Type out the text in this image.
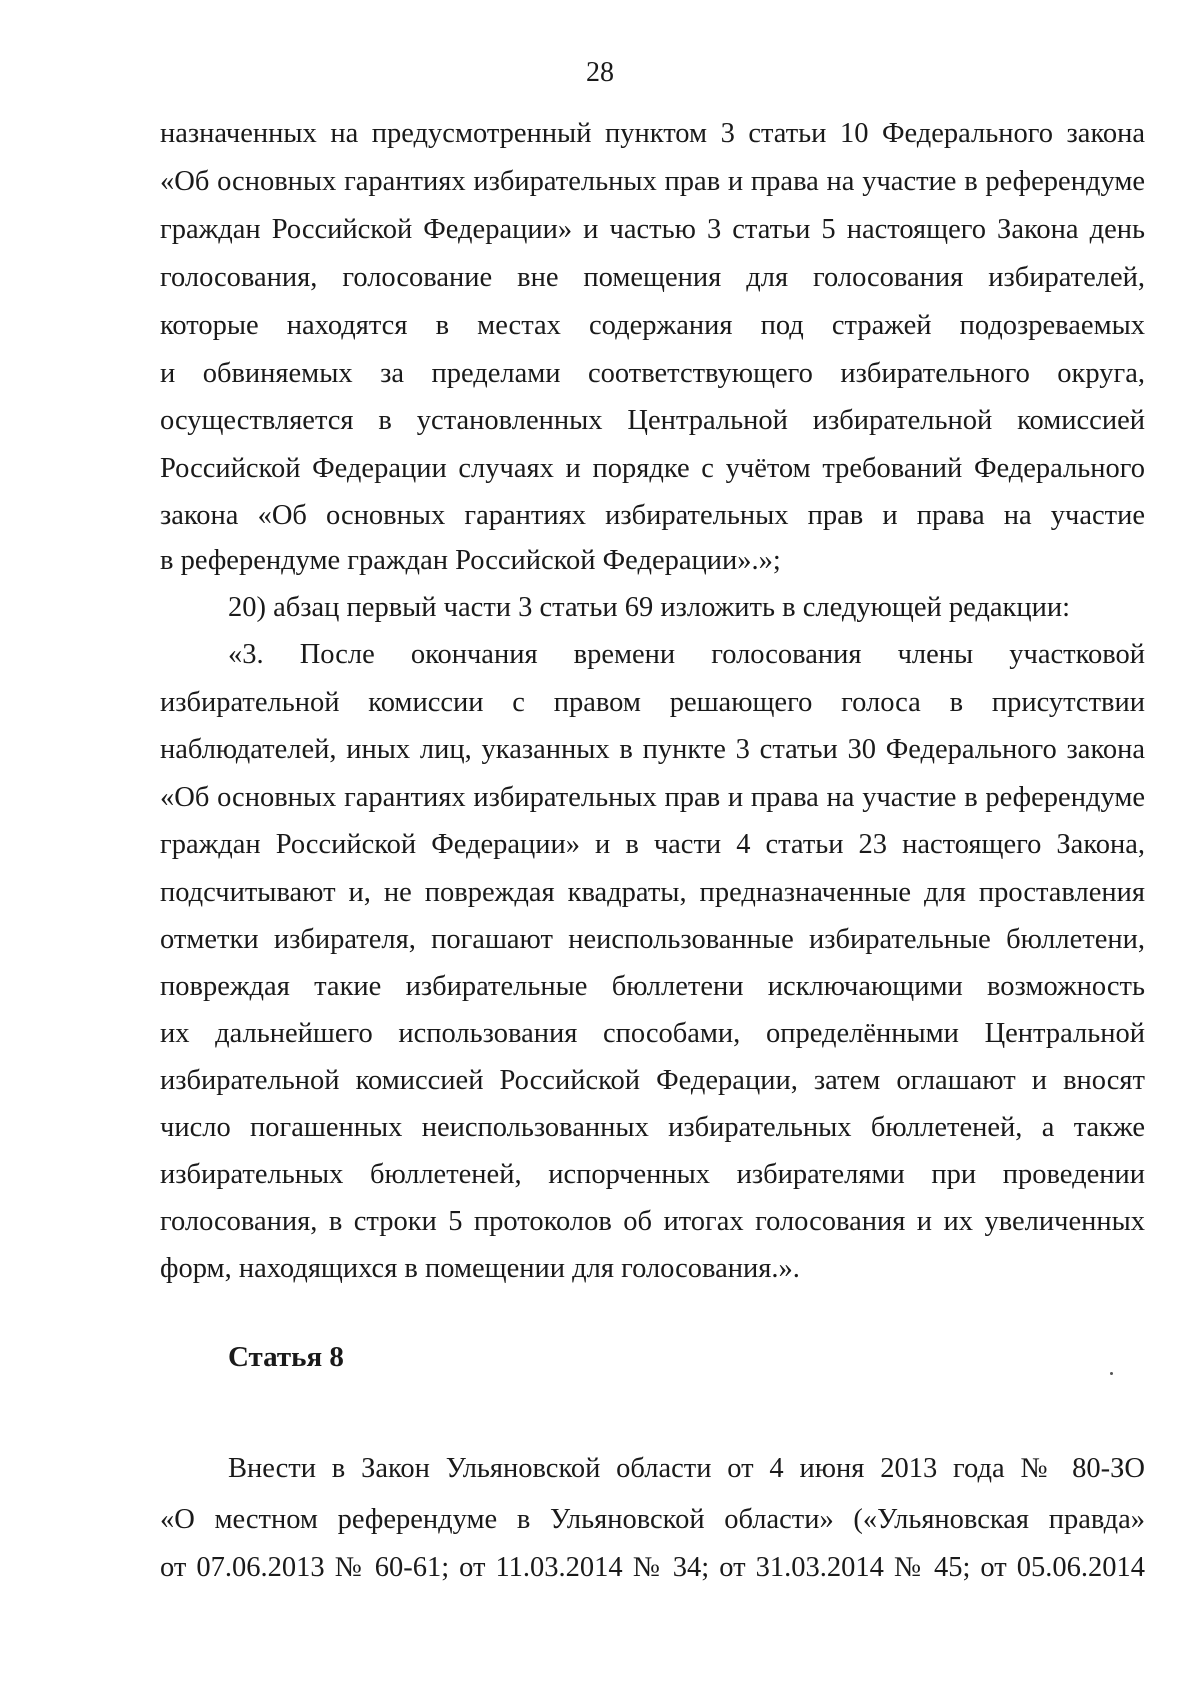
28
назначенных на предусмотренный пунктом 3 статьи 10 Федерального закона
«Об основных гарантиях избирательных прав и права на участие в референдуме
граждан Российской Федерации» и частью 3 статьи 5 настоящего Закона день
голосования, голосование вне помещения для голосования избирателей,
которые находятся в местах содержания под стражей подозреваемых
и обвиняемых за пределами соответствующего избирательного округа,
осуществляется в установленных Центральной избирательной комиссией
Российской Федерации случаях и порядке с учётом требований Федерального
закона «Об основных гарантиях избирательных прав и права на участие
в референдуме граждан Российской Федерации».»;
20) абзац первый части 3 статьи 69 изложить в следующей редакции:
«3. После окончания времени голосования члены участковой
избирательной комиссии с правом решающего голоса в присутствии
наблюдателей, иных лиц, указанных в пункте 3 статьи 30 Федерального закона
«Об основных гарантиях избирательных прав и права на участие в референдуме
граждан Российской Федерации» и в части 4 статьи 23 настоящего Закона,
подсчитывают и, не повреждая квадраты, предназначенные для проставления
отметки избирателя, погашают неиспользованные избирательные бюллетени,
повреждая такие избирательные бюллетени исключающими возможность
их дальнейшего использования способами, определёнными Центральной
избирательной комиссией Российской Федерации, затем оглашают и вносят
число погашенных неиспользованных избирательных бюллетеней, а также
избирательных бюллетеней, испорченных избирателями при проведении
голосования, в строки 5 протоколов об итогах голосования и их увеличенных
форм, находящихся в помещении для голосования.».
Статья 8
Внести в Закон Ульяновской области от 4 июня 2013 года № 80-ЗО
«О местном референдуме в Ульяновской области» («Ульяновская правда»
от 07.06.2013 № 60-61; от 11.03.2014 № 34; от 31.03.2014 № 45; от 05.06.2014
